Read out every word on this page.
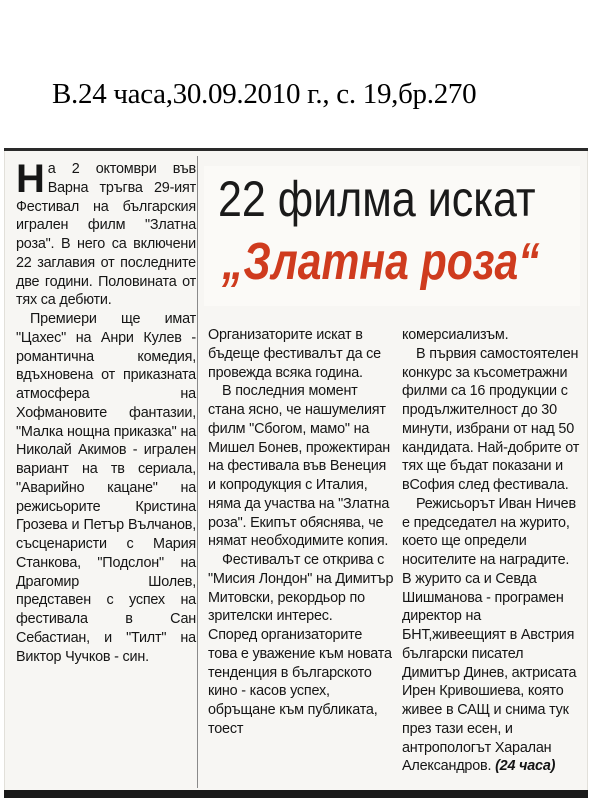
В.24 часа,30.09.2010 г., с. 19,бр.270

На 2 октомври във Варна тръгва 29-ият Фестивал на българския игрален филм "Златна роза". В него са включени 22 заглавия от последните две години. Половината от тях са дебюти.

Премиери ще имат "Цахес" на Анри Кулев - романтична комедия, вдъхновена от приказната атмосфера на Хофмановите фантазии, "Малка нощна приказка" на Николай Акимов - игрален вариант на тв сериала, "Аварийно кацане" на режисьорите Кристина Грозева и Петър Вълчанов, съсценаристи с Мария Станкова, "Подслон" на Драгомир Шолев, представен с успех на фестивала в Сан Себастиан, и "Тилт" на Виктор Чучков - син.

22 филма искат
„Златна роза“

Организаторите искат в бъдеще фестивалът да се провежда всяка година.

В последния момент стана ясно, че нашумелият филм "Сбогом, мамо" на Мишел Бонев, прожектиран на фестивала във Венеция и копродукция с Италия, няма да участва на "Златна роза". Екипът обяснява, че нямат необходимите копия.

Фестивалът се открива с "Мисия Лондон" на Димитър Митовски, рекордьор по зрителски интерес.

Според организаторите това е уважение към новата тенденция в българското кино - касов успех, обръщане към публиката, тоест

комерсиализъм.

В първия самостоятелен конкурс за късометражни филми са 16 продукции с продължителност до 30 минути, избрани от над 50 кандидата. Най-добрите от тях ще бъдат показани и вСофия след фестивала.

Режисьорът Иван Ничев е председател на журито, което ще определи носителите на наградите. В журито са и Севда Шишманова - програмен директор на БНТ,живеещият в Австрия български писател Димитър Динев, актрисата Ирен Кривошиева, която живее в САЩ и снима тук през тази есен, и антропологът Харалан Александров. (24 часа)
